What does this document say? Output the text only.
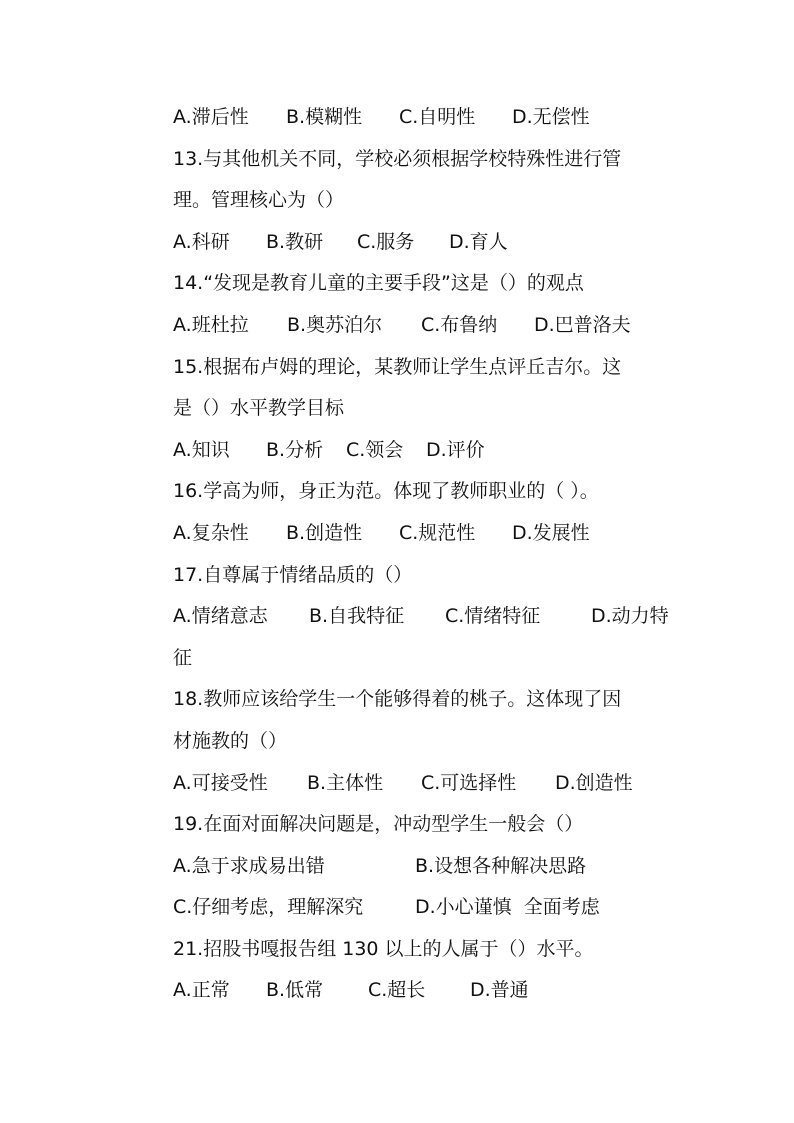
A.滞后性 B.模糊性 C.自明性 D.无偿性
13.与其他机关不同，学校必须根据学校特殊性进行管
理。管理核心为（）
A.科研 B.教研 C.服务 D.育人
14.“发现是教育儿童的主要手段”这是（）的观点
A.班杜拉 B.奥苏泊尔 C.布鲁纳 D.巴普洛夫
15.根据布卢姆的理论，某教师让学生点评丘吉尔。这
是（）水平教学目标
A.知识 B.分析 C.领会 D.评价
16.学高为师，身正为范。体现了教师职业的（ ）。
A.复杂性 B.创造性 C.规范性 D.发展性
17.自尊属于情绪品质的（）
A.情绪意志 B.自我特征 C.情绪特征	D.动力特
征
18.教师应该给学生一个能够得着的桃子。这体现了因
材施教的（）
A.可接受性 B.主体性 C.可选择性 D.创造性
19.在面对面解决问题是，冲动型学生一般会（）
A.急于求成易出错	B.设想各种解决思路
C.仔细考虑，理解深究	D.小心谨慎  全面考虑
21.招股书嘎报告组 130 以上的人属于（）水平。
A.正常 B.低常 C.超长 D.普通
